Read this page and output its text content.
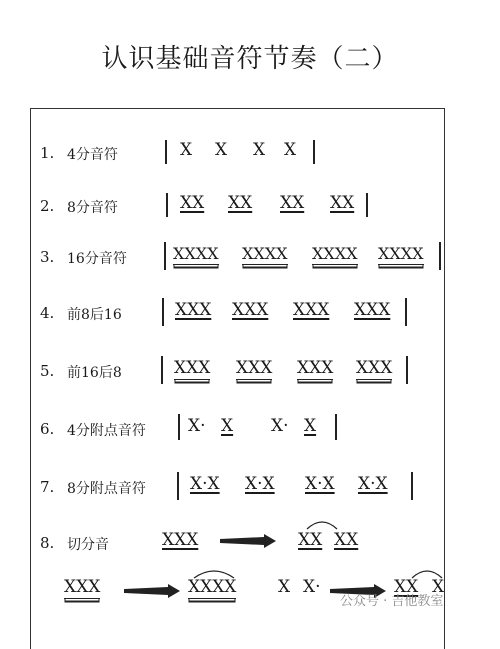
认识基础音符节奏（二）
1. 4分音符	X X X X
2. 8分音符	XX XX XX XX
3. 16分音符	XXXX XXXX XXXX XXXX
4. 前8后16	XXX XXX XXX XXX
5. 前16后8	XXX XXX XXX XXX
6. 4分附点音符 X· X X· X
7. 8分附点音符	X·X X·X X·X X·X
8. 切分音	XXX	XX XX
XXX	XXXX X X·	XX X
公众号 · 吉他教室
